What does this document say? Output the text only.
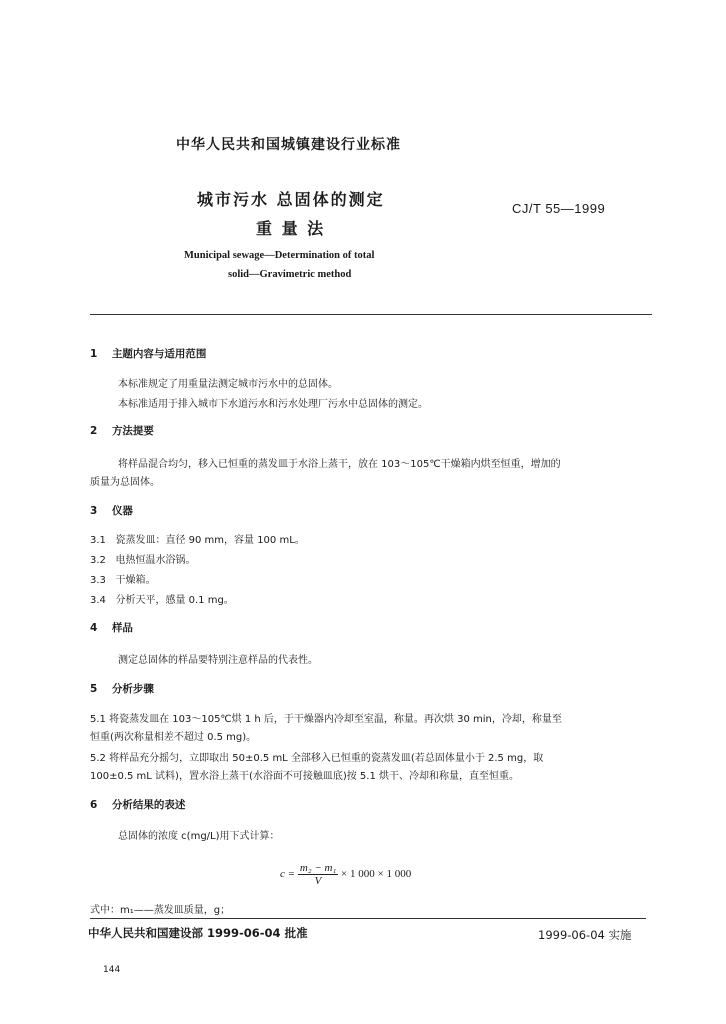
中华人民共和国城镇建设行业标准
城市污水 总固体的测定
重 量 法
CJ/T 55—1999
Municipal sewage—Determination of total
solid—Gravimetric method
1 主题内容与适用范围
本标准规定了用重量法测定城市污水中的总固体。
本标准适用于排入城市下水道污水和污水处理厂污水中总固体的测定。
2 方法提要
将样品混合均匀，移入已恒重的蒸发皿于水浴上蒸干，放在 103～105℃干燥箱内烘至恒重，增加的
质量为总固体。
3 仪器
3.1 瓷蒸发皿：直径 90 mm，容量 100 mL。
3.2 电热恒温水浴锅。
3.3 干燥箱。
3.4 分析天平，感量 0.1 mg。
4 样品
测定总固体的样品要特别注意样品的代表性。
5 分析步骤
5.1 将瓷蒸发皿在 103～105℃烘 1 h 后，于干燥器内冷却至室温，称量。再次烘 30 min，冷却，称量至
恒重(两次称量相差不超过 0.5 mg)。
5.2 将样品充分摇匀，立即取出 50±0.5 mL 全部移入已恒重的瓷蒸发皿(若总固体量小于 2.5 mg，取
100±0.5 mL 试料)，置水浴上蒸干(水浴面不可接触皿底)按 5.1 烘干、冷却和称量，直至恒重。
6 分析结果的表述
总固体的浓度 c(mg/L)用下式计算：
$c = \frac{\text{m₂ − m₁}}{V} \times 1$ 000 × 1 000
式中：m₁——蒸发皿质量，g；
中华人民共和国建设部 1999-06-04 批准	1999-06-04 实施
144
